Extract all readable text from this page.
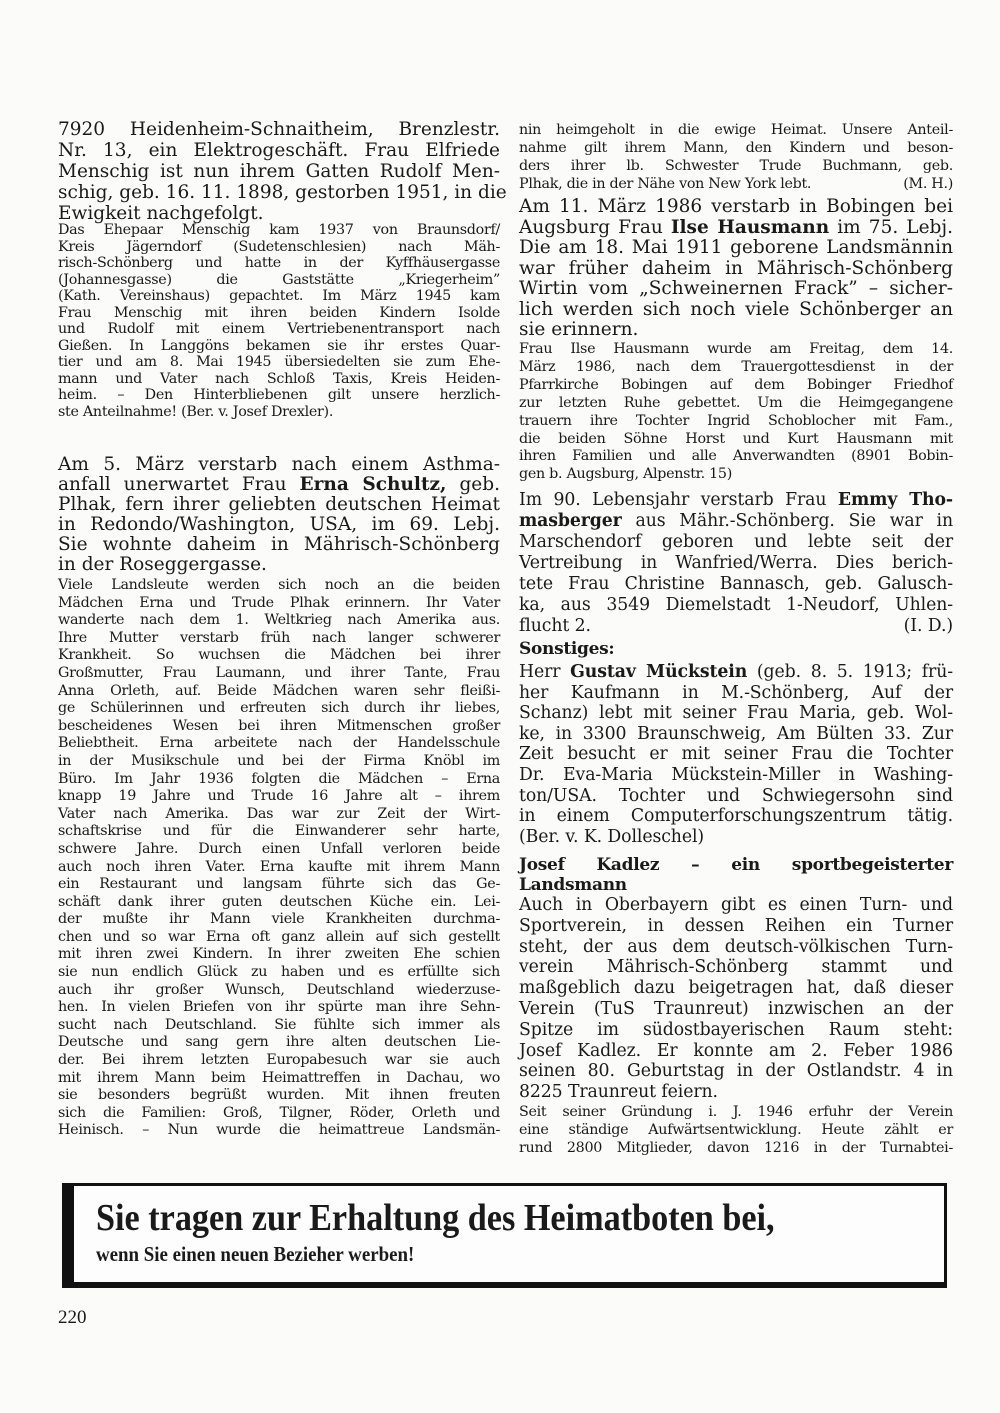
7920 Heidenheim-Schnaitheim, Brenzlestr.
Nr. 13, ein Elektrogeschäft. Frau Elfriede
Menschig ist nun ihrem Gatten Rudolf Men-
schig, geb. 16. 11. 1898, gestorben 1951, in die
Ewigkeit nachgefolgt.
Das Ehepaar Menschig kam 1937 von Braunsdorf/
Kreis Jägerndorf (Sudetenschlesien) nach Mäh-
risch-Schönberg und hatte in der Kyffhäusergasse
(Johannesgasse) die Gaststätte „Kriegerheim”
(Kath. Vereinshaus) gepachtet. Im März 1945 kam
Frau Menschig mit ihren beiden Kindern Isolde
und Rudolf mit einem Vertriebenentransport nach
Gießen. In Langgöns bekamen sie ihr erstes Quar-
tier und am 8. Mai 1945 übersiedelten sie zum Ehe-
mann und Vater nach Schloß Taxis, Kreis Heiden-
heim. – Den Hinterbliebenen gilt unsere herzlich-
ste Anteilnahme! (Ber. v. Josef Drexler).
Am 5. März verstarb nach einem Asthma-
anfall unerwartet Frau Erna Schultz, geb.
Plhak, fern ihrer geliebten deutschen Heimat
in Redondo/Washington, USA, im 69. Lebj.
Sie wohnte daheim in Mährisch-Schönberg
in der Roseggergasse.
Viele Landsleute werden sich noch an die beiden
Mädchen Erna und Trude Plhak erinnern. Ihr Vater
wanderte nach dem 1. Weltkrieg nach Amerika aus.
Ihre Mutter verstarb früh nach langer schwerer
Krankheit. So wuchsen die Mädchen bei ihrer
Großmutter, Frau Laumann, und ihrer Tante, Frau
Anna Orleth, auf. Beide Mädchen waren sehr fleißi-
ge Schülerinnen und erfreuten sich durch ihr liebes,
bescheidenes Wesen bei ihren Mitmenschen großer
Beliebtheit. Erna arbeitete nach der Handelsschule
in der Musikschule und bei der Firma Knöbl im
Büro. Im Jahr 1936 folgten die Mädchen – Erna
knapp 19 Jahre und Trude 16 Jahre alt – ihrem
Vater nach Amerika. Das war zur Zeit der Wirt-
schaftskrise und für die Einwanderer sehr harte,
schwere Jahre. Durch einen Unfall verloren beide
auch noch ihren Vater. Erna kaufte mit ihrem Mann
ein Restaurant und langsam führte sich das Ge-
schäft dank ihrer guten deutschen Küche ein. Lei-
der mußte ihr Mann viele Krankheiten durchma-
chen und so war Erna oft ganz allein auf sich gestellt
mit ihren zwei Kindern. In ihrer zweiten Ehe schien
sie nun endlich Glück zu haben und es erfüllte sich
auch ihr großer Wunsch, Deutschland wiederzuse-
hen. In vielen Briefen von ihr spürte man ihre Sehn-
sucht nach Deutschland. Sie fühlte sich immer als
Deutsche und sang gern ihre alten deutschen Lie-
der. Bei ihrem letzten Europabesuch war sie auch
mit ihrem Mann beim Heimattreffen in Dachau, wo
sie besonders begrüßt wurden. Mit ihnen freuten
sich die Familien: Groß, Tilgner, Röder, Orleth und
Heinisch. – Nun wurde die heimattreue Landsmän-
nin heimgeholt in die ewige Heimat. Unsere Anteil-
nahme gilt ihrem Mann, den Kindern und beson-
ders ihrer lb. Schwester Trude Buchmann, geb.
(M. H.)
Plhak, die in der Nähe von New York lebt.
Am 11. März 1986 verstarb in Bobingen bei
Augsburg Frau Ilse Hausmann im 75. Lebj.
Die am 18. Mai 1911 geborene Landsmännin
war früher daheim in Mährisch-Schönberg
Wirtin vom „Schweinernen Frack” – sicher-
lich werden sich noch viele Schönberger an
sie erinnern.
Frau Ilse Hausmann wurde am Freitag, dem 14.
März 1986, nach dem Trauergottesdienst in der
Pfarrkirche Bobingen auf dem Bobinger Friedhof
zur letzten Ruhe gebettet. Um die Heimgegangene
trauern ihre Tochter Ingrid Schoblocher mit Fam.,
die beiden Söhne Horst und Kurt Hausmann mit
ihren Familien und alle Anverwandten (8901 Bobin-
gen b. Augsburg, Alpenstr. 15)
Im 90. Lebensjahr verstarb Frau Emmy Tho-
masberger aus Mähr.-Schönberg. Sie war in
Marschendorf geboren und lebte seit der
Vertreibung in Wanfried/Werra. Dies berich-
tete Frau Christine Bannasch, geb. Galusch-
ka, aus 3549 Diemelstadt 1-Neudorf, Uhlen-
(I. D.)
flucht 2.
Sonstiges:
Herr Gustav Mückstein (geb. 8. 5. 1913; frü-
her Kaufmann in M.-Schönberg, Auf der
Schanz) lebt mit seiner Frau Maria, geb. Wol-
ke, in 3300 Braunschweig, Am Bülten 33. Zur
Zeit besucht er mit seiner Frau die Tochter
Dr. Eva-Maria Mückstein-Miller in Washing-
ton/USA. Tochter und Schwiegersohn sind
in einem Computerforschungszentrum tätig.
(Ber. v. K. Dolleschel)
Josef Kadlez – ein sportbegeisterter
Landsmann
Auch in Oberbayern gibt es einen Turn- und
Sportverein, in dessen Reihen ein Turner
steht, der aus dem deutsch-völkischen Turn-
verein Mährisch-Schönberg stammt und
maßgeblich dazu beigetragen hat, daß dieser
Verein (TuS Traunreut) inzwischen an der
Spitze im südostbayerischen Raum steht:
Josef Kadlez. Er konnte am 2. Feber 1986
seinen 80. Geburtstag in der Ostlandstr. 4 in
8225 Traunreut feiern.
Seit seiner Gründung i. J. 1946 erfuhr der Verein
eine ständige Aufwärtsentwicklung. Heute zählt er
rund 2800 Mitglieder, davon 1216 in der Turnabtei-
Sie tragen zur Erhaltung des Heimatboten bei,
wenn Sie einen neuen Bezieher werben!
220
